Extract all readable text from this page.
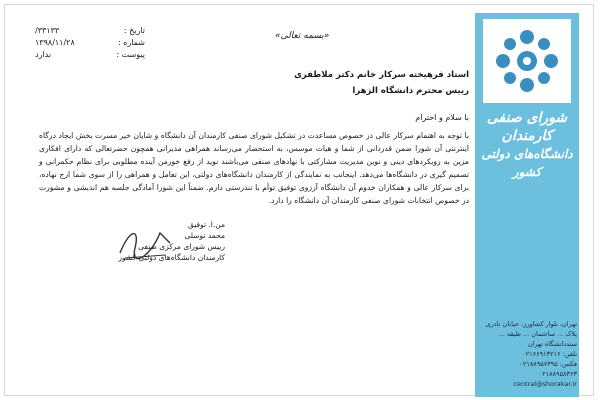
تاریخ :
۳۳۱۳۳/
شماره :
۱۳۹۸/۱۱/۲۸
پیوست :
ندارد
«بسمه تعالی»
استاد فرهیخته سرکار خانم دکتر ملاطفری
رییس محترم دانشگاه الزهرا
با سلام و احترام
با توجه به اهتمام سرکار عالی در خصوص مساعدت در تشکیل شورای صنفی کارمندان آن دانشگاه و شایان خیر مسرت بخش ایجاد درگاه اینترنتی آن شورا ضمن قدردانی از شما و هیات موسس، به استحضار می‌رساند همراهی مدیرانی همچون حضرتعالی که دارای افکاری مزین به رویکردهای دینی و نوین مدیریت مشارکتی با نهادهای صنفی می‌باشند نوید از رفع خورمن آینده مطلوبی برای نظام حکمرانی و تصمیم گیری در دانشگاه‌ها می‌دهد. اینجانب به نمایندگی از کارمندان دانشگاه‌های دولتی، این تعامل و همراهی را از سوی شما ارج نهاده، برای سرکار عالی و همکاران خدوم آن دانشگاه آرزوی توفیق توأم با تندرستی دارم. ضمناً این شورا آمادگی جلسه هم اندیشی و مشورت در خصوص انتخابات شورای صنفی کارمندان آن دانشگاه را دارد.
من.ا. توفیق
محمد توسلی
رییس شورای مرکزی صنفی
کارمندان دانشگاه‌های دولتی کشور
شورای صنفی کارمندان
دانشگاه‌های دولتی کشور
تهران، بلوار کشاورز، خیابان نادری
پلاک ... ساختمان ... طبقه ...
سنددانشگاه تهران
تلفن: ۰۲۱۶۶۹۱۳۲۱۶
فکس: ۰۲۱۸۸۹۵۷۳۹۵
۰۲۱۸۸۹۵۸۳۶۳
central@shorakar.ir
